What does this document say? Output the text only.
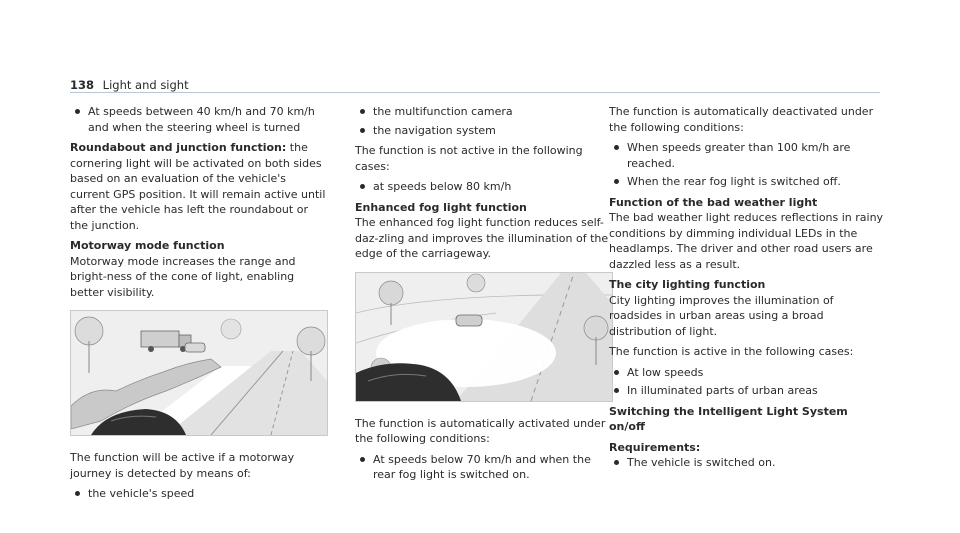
138 Light and sight
At speeds between 40 km/h and 70 km/h and when the steering wheel is turned

Roundabout and junction function: the cornering light will be activated on both sides based on an evaluation of the vehicle's current GPS position. It will remain active until after the vehicle has left the roundabout or the junction.

Motorway mode function

Motorway mode increases the range and bright-ness of the cone of light, enabling better visibility.

The function will be active if a motorway journey is detected by means of:

the vehicle's speed
the multifunction camera
the navigation system

The function is not active in the following cases:

at speeds below 80 km/h
Enhanced fog light function

The enhanced fog light function reduces self-daz-zling and improves the illumination of the edge of the carriageway.

The function is automatically activated under the following conditions:

At speeds below 70 km/h and when the rear fog light is switched on.

The function is automatically deactivated under the following conditions:

When speeds greater than 100 km/h are reached.
When the rear fog light is switched off.
Function of the bad weather light

The bad weather light reduces reflections in rainy conditions by dimming individual LEDs in the headlamps. The driver and other road users are dazzled less as a result.

The city lighting function

City lighting improves the illumination of roadsides in urban areas using a broad distribution of light.

The function is active in the following cases:

At low speeds
In illuminated parts of urban areas
Switching the Intelligent Light System on/off
Requirements:
The vehicle is switched on.
